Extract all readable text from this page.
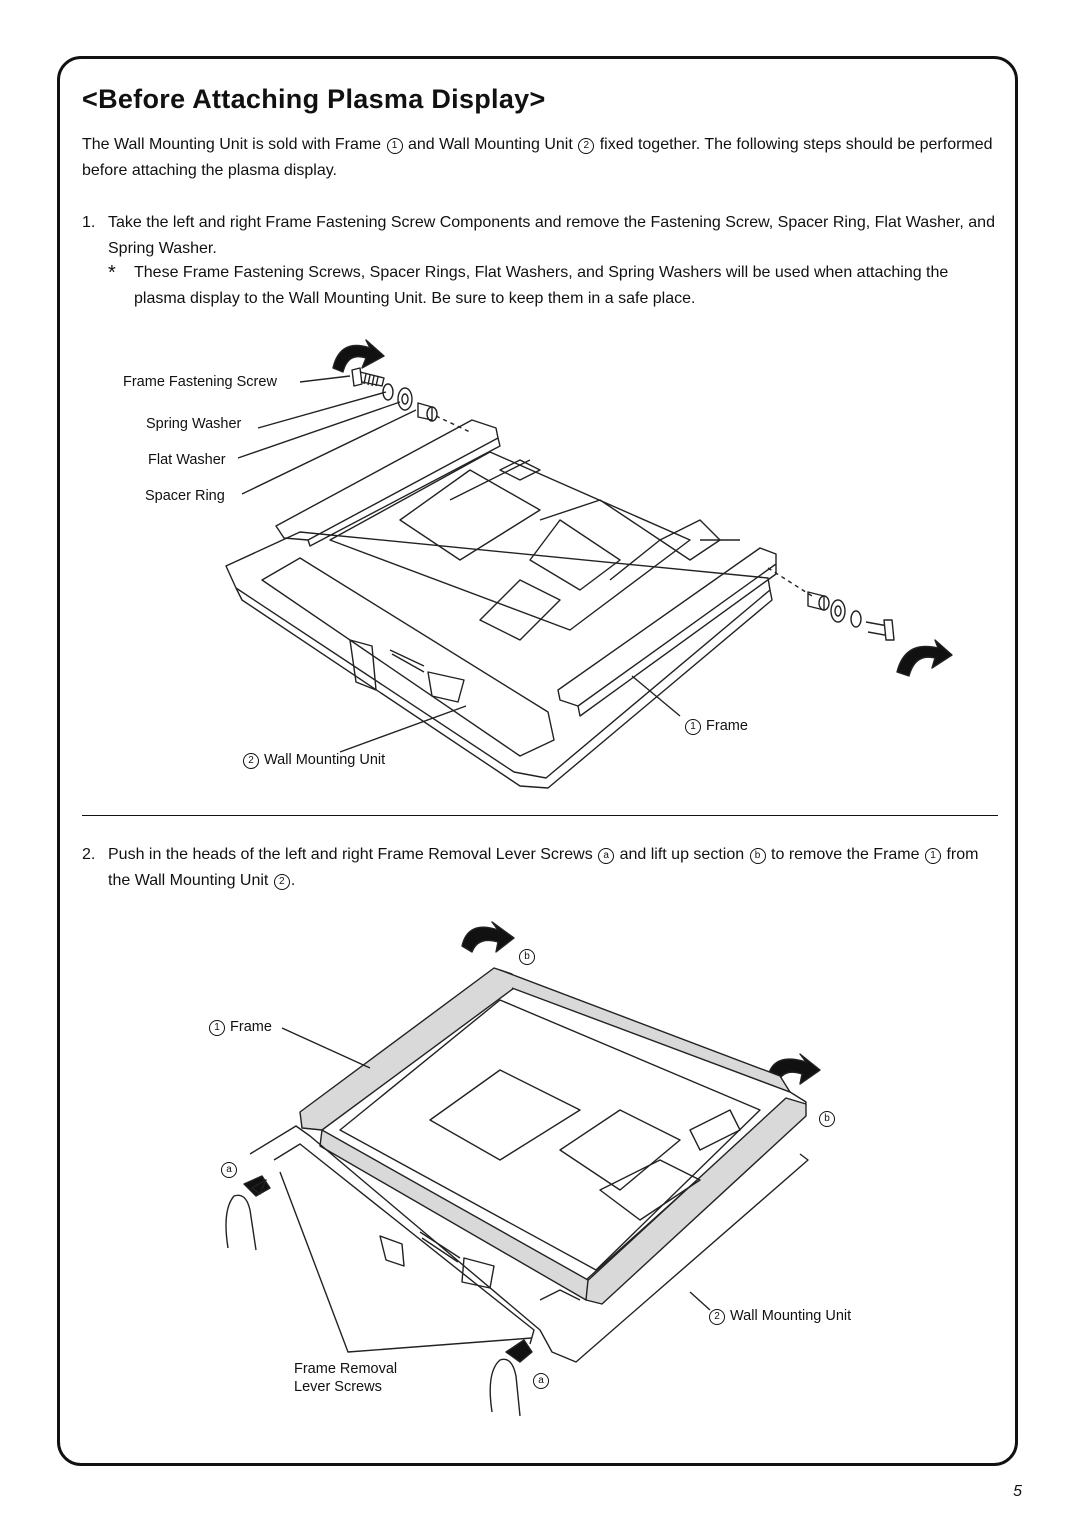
<Before Attaching Plasma Display>

The Wall Mounting Unit is sold with Frame 1 and Wall Mounting Unit 2 fixed together. The following steps should be performed before attaching the plasma display.

1. Take the left and right Frame Fastening Screw Components and remove the Fastening Screw, Spacer Ring, Flat Washer, and Spring Washer.
*	These Frame Fastening Screws, Spacer Rings, Flat Washers, and Spring Washers will be used when attaching the plasma display to the Wall Mounting Unit. Be sure to keep them in a safe place.
Frame Fastening Screw
Spring Washer
Flat Washer
Spacer Ring
1 Frame
2 Wall Mounting Unit
2. Push in the heads of the left and right Frame Removal Lever Screws a and lift up section b to remove the Frame 1 from the Wall Mounting Unit 2 .
b
b
a
a
1 Frame
2 Wall Mounting Unit
Frame Removal
Lever Screws
5
